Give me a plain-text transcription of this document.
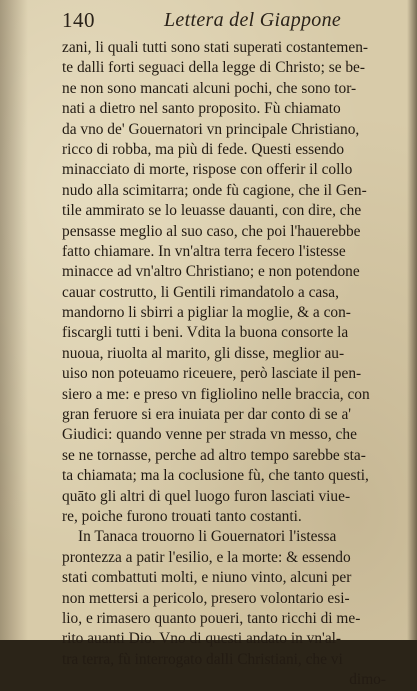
140	Lettera del Giappone
zani, li quali tutti sono stati superati costantemen-
te dalli forti seguaci della legge di Christo; se be-
ne non sono mancati alcuni pochi, che sono tor-
nati a dietro nel santo proposito. Fù chiamato
da vno de' Gouernatori vn principale Christiano,
ricco di robba, ma più di fede. Questi essendo
minacciato di morte, rispose con offerir il collo
nudo alla scimitarra; onde fù cagione, che il Gen-
tile ammirato se lo leuasse dauanti, con dire, che
pensasse meglio al suo caso, che poi l'hauerebbe
fatto chiamare. In vn'altra terra fecero l'istesse
minacce ad vn'altro Christiano; e non potendone
cauar costrutto, li Gentili rimandatolo a casa,
mandorno li sbirri a pigliar la moglie, & a con-
fiscargli tutti i beni. Vdita la buona consorte la
nuoua, riuolta al marito, gli disse, meglior au-
uiso non poteuamo riceuere, però lasciate il pen-
siero a me: e preso vn figliolino nelle braccia, con
gran feruore si era inuiata per dar conto di se a'
Giudici: quando venne per strada vn messo, che
se ne tornasse, perche ad altro tempo sarebbe sta-
ta chiamata; ma la coclusione fù, che tanto questi,
quāto gli altri di quel luogo furon lasciati viue-
re, poiche furono trouati tanto costanti.
In Tanaca trouorno li Gouernatori l'istessa
prontezza a patir l'esilio, e la morte: & essendo
stati combattuti molti, e niuno vinto, alcuni per
non mettersi a pericolo, presero volontario esi-
lio, e rimasero quanto poueri, tanto ricchi di me-
rito auanti Dio. Vno di questi andato in vn'al-
tra terra, fù interrogato dalli Christiani, che vi
dimo-
